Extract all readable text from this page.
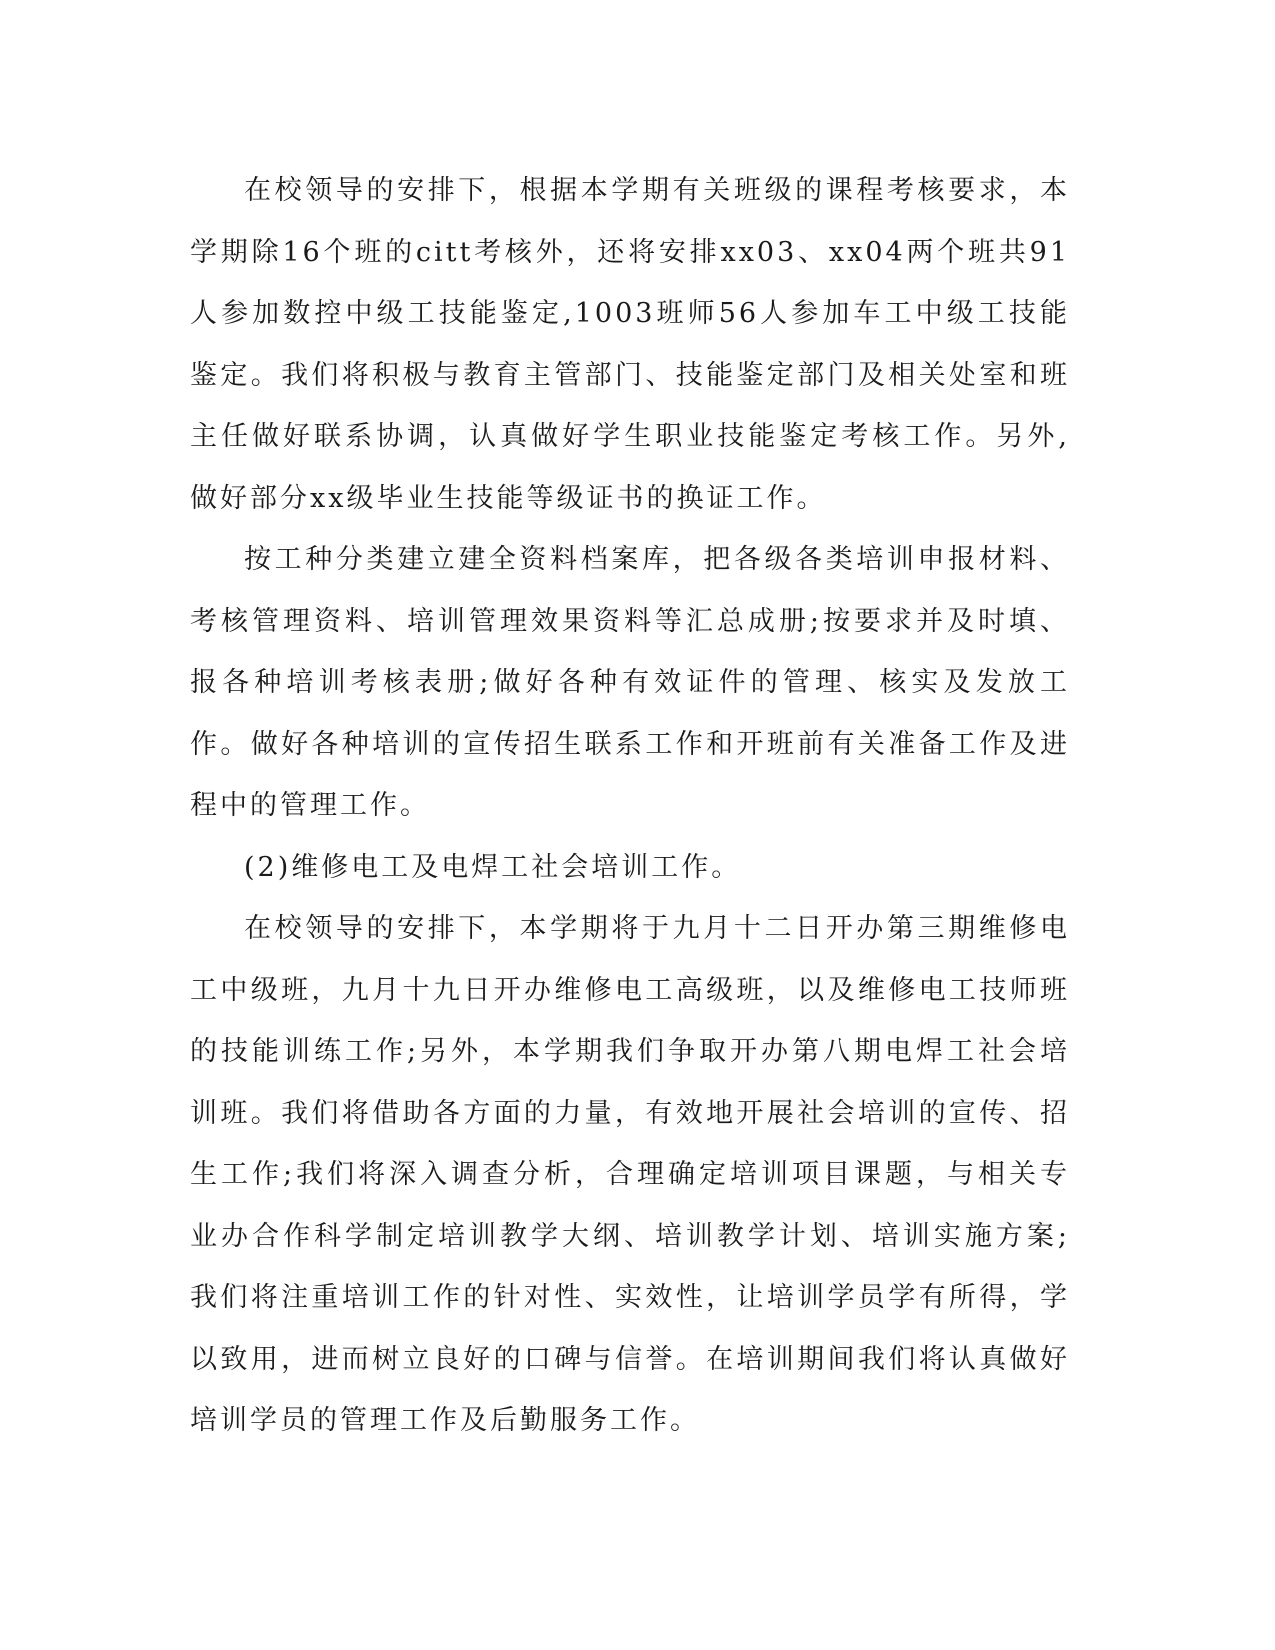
在校领导的安排下，根据本学期有关班级的课程考核要求，本学期除16个班的citt考核外，还将安排xx03、xx04两个班共91人参加数控中级工技能鉴定,1003班师56人参加车工中级工技能鉴定。我们将积极与教育主管部门、技能鉴定部门及相关处室和班主任做好联系协调，认真做好学生职业技能鉴定考核工作。另外,做好部分xx级毕业生技能等级证书的换证工作。

按工种分类建立建全资料档案库，把各级各类培训申报材料、考核管理资料、培训管理效果资料等汇总成册;按要求并及时填、报各种培训考核表册;做好各种有效证件的管理、核实及发放工作。做好各种培训的宣传招生联系工作和开班前有关准备工作及进程中的管理工作。

(2)维修电工及电焊工社会培训工作。

在校领导的安排下，本学期将于九月十二日开办第三期维修电工中级班，九月十九日开办维修电工高级班，以及维修电工技师班的技能训练工作;另外，本学期我们争取开办第八期电焊工社会培训班。我们将借助各方面的力量，有效地开展社会培训的宣传、招生工作;我们将深入调查分析，合理确定培训项目课题，与相关专业办合作科学制定培训教学大纲、培训教学计划、培训实施方案;我们将注重培训工作的针对性、实效性，让培训学员学有所得，学以致用，进而树立良好的口碑与信誉。在培训期间我们将认真做好培训学员的管理工作及后勤服务工作。
